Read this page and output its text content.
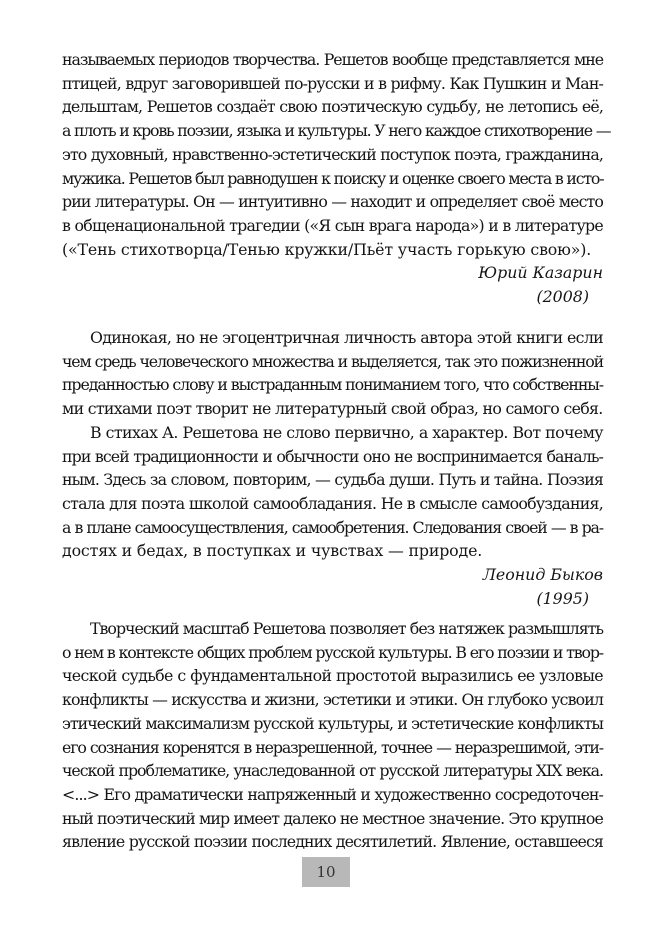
называемых периодов творчества. Решетов вообще представляется мне
птицей, вдруг заговорившей по-русски и в рифму. Как Пушкин и Ман-
дельштам, Решетов создаёт свою поэтическую судьбу, не летопись её,
а плоть и кровь поэзии, языка и культуры. У него каждое стихотворение —
это духовный, нравственно-эстетический поступок поэта, гражданина,
мужика. Решетов был равнодушен к поиску и оценке своего места в исто-
рии литературы. Он — интуитивно — находит и определяет своё место
в общенациональной трагедии («Я сын врага народа») и в литературе
(«Тень стихотворца/Тенью кружки/Пьёт участь горькую свою»).
Юрий Казарин
(2008)
Одинокая, но не эгоцентричная личность автора этой книги если
чем средь человеческого множества и выделяется, так это пожизненной
преданностью слову и выстраданным пониманием того, что собственны-
ми стихами поэт творит не литературный свой образ, но самого себя.
В стихах А. Решетова не слово первично, а характер. Вот почему
при всей традиционности и обычности оно не воспринимается баналь-
ным. Здесь за словом, повторим, — судьба души. Путь и тайна. Поэзия
стала для поэта школой самообладания. Не в смысле самообуздания,
а в плане самоосуществления, самообретения. Следования своей — в ра-
достях и бедах, в поступках и чувствах — природе.
Леонид Быков
(1995)
Творческий масштаб Решетова позволяет без натяжек размышлять
о нем в контексте общих проблем русской культуры. В его поэзии и твор-
ческой судьбе с фундаментальной простотой выразились ее узловые
конфликты — искусства и жизни, эстетики и этики. Он глубоко усвоил
этический максимализм русской культуры, и эстетические конфликты
его сознания коренятся в неразрешенной, точнее — неразрешимой, эти-
ческой проблематике, унаследованной от русской литературы XIX века.
<...> Его драматически напряженный и художественно сосредоточен-
ный поэтический мир имеет далеко не местное значение. Это крупное
явление русской поэзии последних десятилетий. Явление, оставшееся
10
